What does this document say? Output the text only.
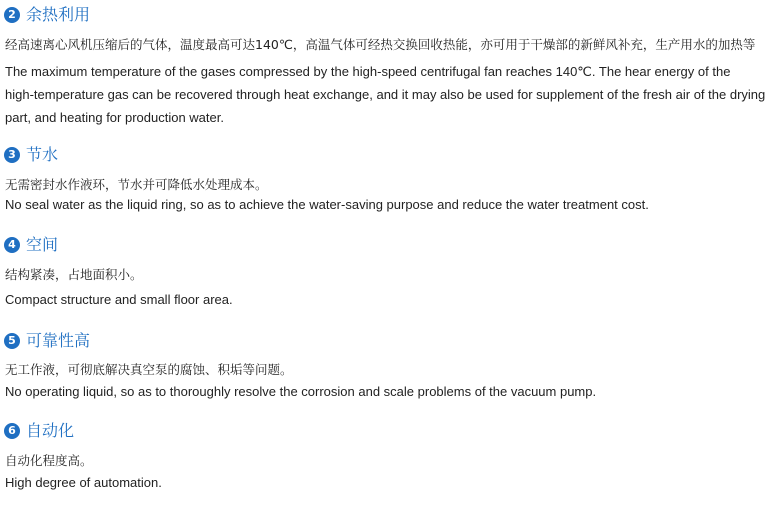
2 余热利用
经高速离心风机压缩后的气体，温度最高可达140℃，高温气体可经热交换回收热能，亦可用于干燥部的新鲜风补充，生产用水的加热等
The maximum temperature of the gases compressed by the high-speed centrifugal fan reaches 140℃. The hear energy of the
high-temperature gas can be recovered through heat exchange, and it may also be used for supplement of the fresh air of the drying
part, and heating for production water.
3 节水
无需密封水作液环，节水并可降低水处理成本。
No seal water as the liquid ring, so as to achieve the water-saving purpose and reduce the water treatment cost.
4 空间
结构紧凑，占地面积小。
Compact structure and small floor area.
5 可靠性高
无工作液，可彻底解决真空泵的腐蚀、积垢等问题。
No operating liquid, so as to thoroughly resolve the corrosion and scale problems of the vacuum pump.
6 自动化
自动化程度高。
High degree of automation.
